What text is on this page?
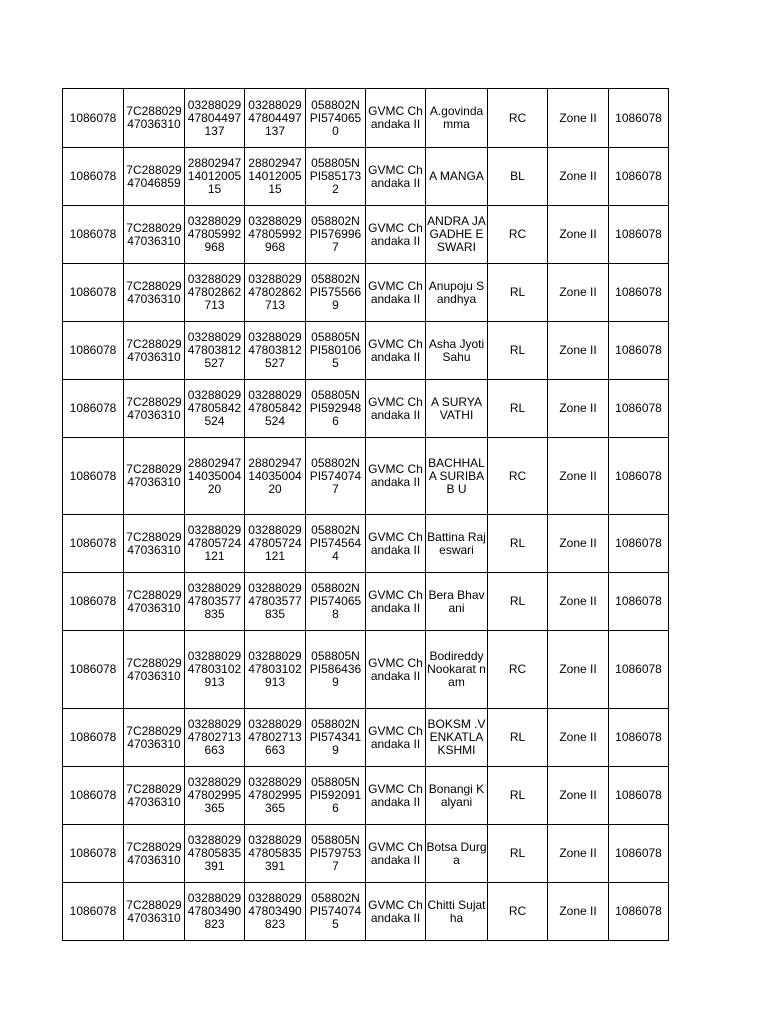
1086078	7C288029 47036310	03288029 47804497 137	03288029 47804497 137	058802N PI574065 0	GVMC Chandaka II	A.govinda mma	RC	Zone II	1086078
1086078	7C288029 47046859	28802947 14012005 15	28802947 14012005 15	058805N PI585173 2	GVMC Chandaka II	A MANGA	BL	Zone II	1086078
1086078	7C288029 47036310	03288029 47805992 968	03288029 47805992 968	058802N PI576996 7	GVMC Chandaka II	ANDRA JAGADHE ESWARI	RC	Zone II	1086078
1086078	7C288029 47036310	03288029 47802862 713	03288029 47802862 713	058802N PI575566 9	GVMC Chandaka II	Anupoju Sandhya	RL	Zone II	1086078
1086078	7C288029 47036310	03288029 47803812 527	03288029 47803812 527	058805N PI580106 5	GVMC Chandaka II	Asha Jyoti Sahu	RL	Zone II	1086078
1086078	7C288029 47036310	03288029 47805842 524	03288029 47805842 524	058805N PI592948 6	GVMC Chandaka II	A SURYA VATHI	RL	Zone II	1086078
1086078	7C288029 47036310	28802947 14035004 20	28802947 14035004 20	058802N PI574074 7	GVMC Chandaka II	BACHHAL A SURIBAB U	RC	Zone II	1086078
1086078	7C288029 47036310	03288029 47805724 121	03288029 47805724 121	058802N PI574564 4	GVMC Chandaka II	Battina Rajeswari	RL	Zone II	1086078
1086078	7C288029 47036310	03288029 47803577 835	03288029 47803577 835	058802N PI574065 8	GVMC Chandaka II	Bera Bhavani	RL	Zone II	1086078
1086078	7C288029 47036310	03288029 47803102 913	03288029 47803102 913	058805N PI586436 9	GVMC Chandaka II	Bodireddy Nookarat nam	RC	Zone II	1086078
1086078	7C288029 47036310	03288029 47802713 663	03288029 47802713 663	058802N PI574341 9	GVMC Chandaka II	BOKSM .V ENKATLA KSHMI	RL	Zone II	1086078
1086078	7C288029 47036310	03288029 47802995 365	03288029 47802995 365	058805N PI592091 6	GVMC Chandaka II	Bonangi Kalyani	RL	Zone II	1086078
1086078	7C288029 47036310	03288029 47805835 391	03288029 47805835 391	058805N PI579753 7	GVMC Chandaka II	Botsa Durga	RL	Zone II	1086078
1086078	7C288029 47036310	03288029 47803490 823	03288029 47803490 823	058802N PI574074 5	GVMC Chandaka II	Chitti Sujatha	RC	Zone II	1086078
